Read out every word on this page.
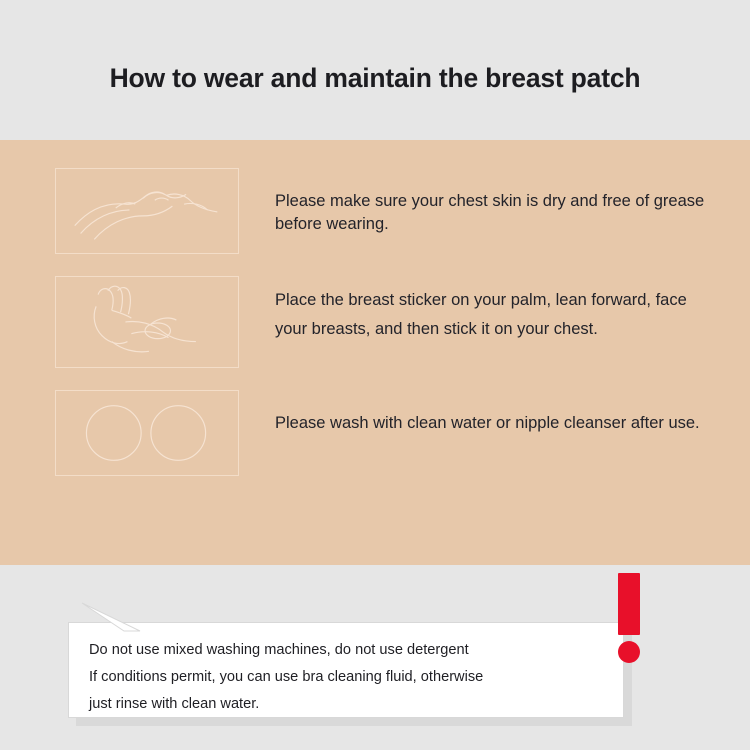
How to wear and maintain the breast patch
Please make sure your chest skin is dry and free of grease before wearing.
Place the breast sticker on your palm, lean forward, face your breasts, and then stick it on your chest.
Please wash with clean water or nipple cleanser after use.
Do not use mixed washing machines, do not use detergent
If conditions permit, you can use bra cleaning fluid, otherwise
just rinse with clean water.
